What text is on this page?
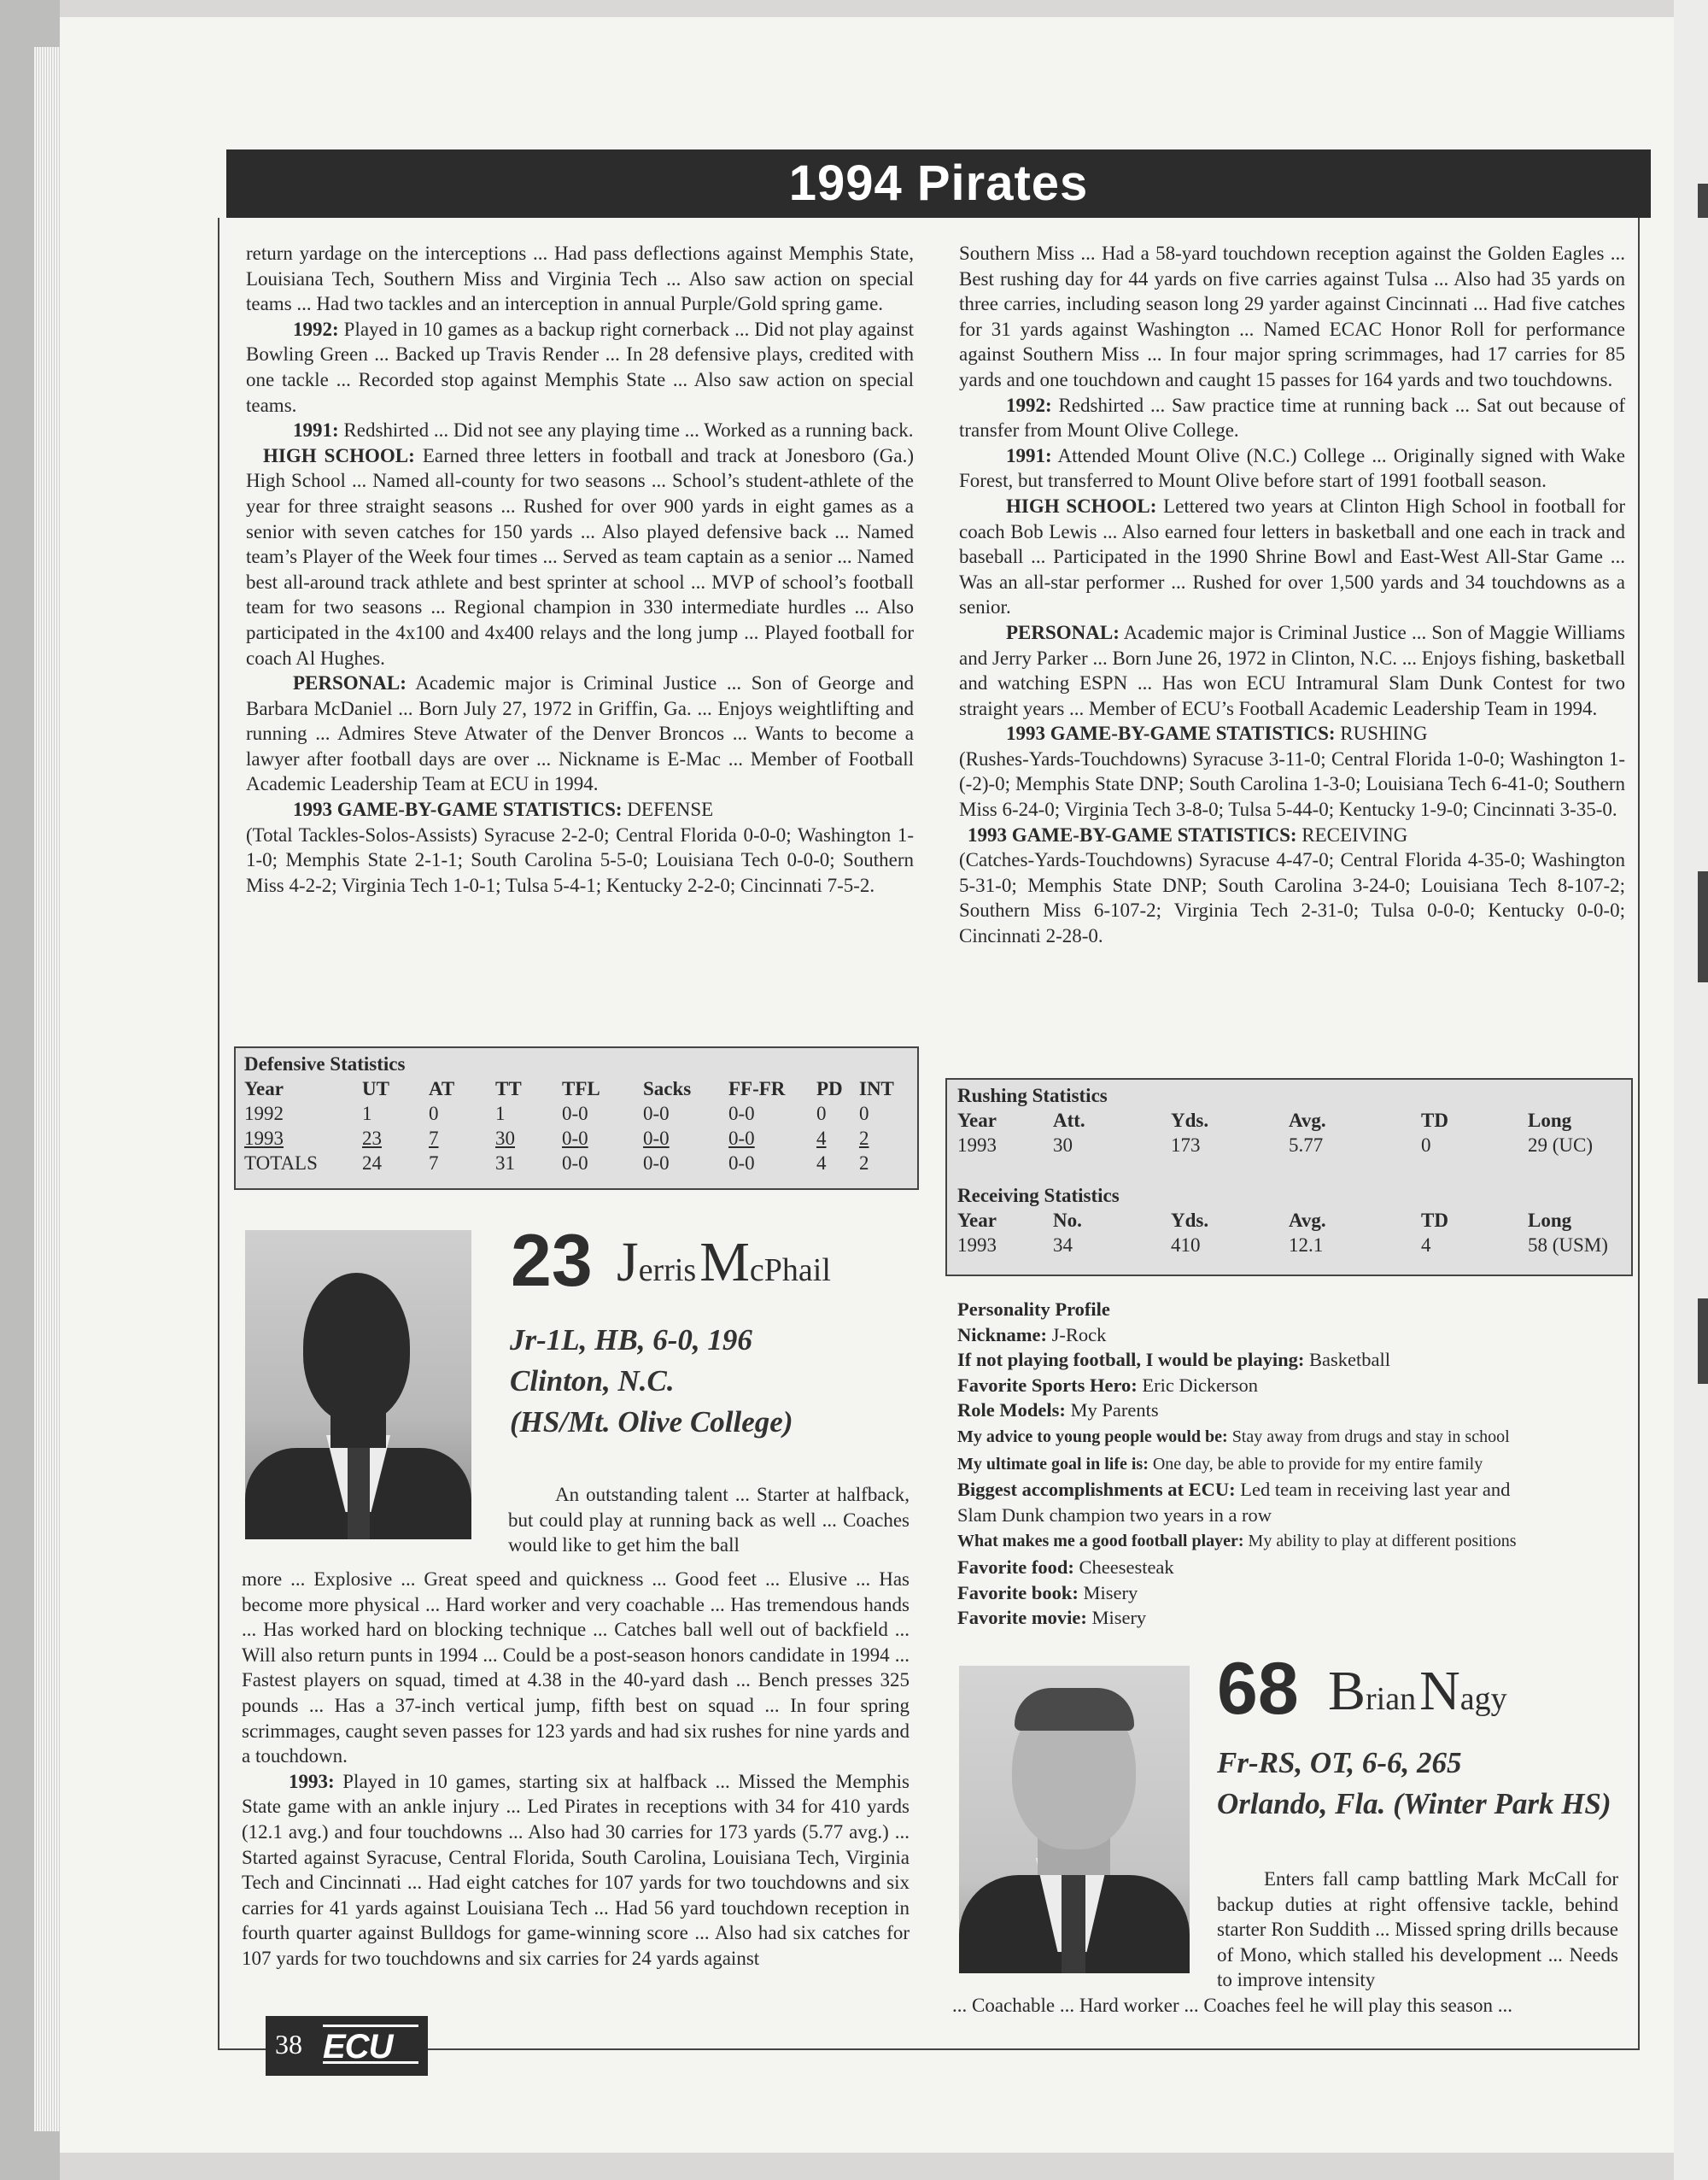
1994 Pirates

return yardage on the interceptions ... Had pass deflections against Memphis State, Louisiana Tech, Southern Miss and Virginia Tech ... Also saw action on special teams ... Had two tackles and an interception in annual Purple/Gold spring game.

1992: Played in 10 games as a backup right cornerback ... Did not play against Bowling Green ... Backed up Travis Render ... In 28 defensive plays, credited with one tackle ... Recorded stop against Memphis State ... Also saw action on special teams.

1991: Redshirted ... Did not see any playing time ... Worked as a running back.

HIGH SCHOOL: Earned three letters in football and track at Jonesboro (Ga.) High School ... Named all-county for two seasons ... School’s student-athlete of the year for three straight seasons ... Rushed for over 900 yards in eight games as a senior with seven catches for 150 yards ... Also played defensive back ... Named team’s Player of the Week four times ... Served as team captain as a senior ... Named best all-around track athlete and best sprinter at school ... MVP of school’s football team for two seasons ... Regional champion in 330 intermediate hurdles ... Also participated in the 4x100 and 4x400 relays and the long jump ... Played football for coach Al Hughes.

PERSONAL: Academic major is Criminal Justice ... Son of George and Barbara McDaniel ... Born July 27, 1972 in Griffin, Ga. ... Enjoys weightlifting and running ... Admires Steve Atwater of the Denver Broncos ... Wants to become a lawyer after football days are over ... Nickname is E-Mac ... Member of Football Academic Leadership Team at ECU in 1994.

1993 GAME-BY-GAME STATISTICS: DEFENSE

(Total Tackles-Solos-Assists) Syracuse 2-2-0; Central Florida 0-0-0; Washington 1-1-0; Memphis State 2-1-1; South Carolina 5-5-0; Louisiana Tech 0-0-0; Southern Miss 4-2-2; Virginia Tech 1-0-1; Tulsa 5-4-1; Kentucky 2-2-0; Cincinnati 7-5-2.

Defensive Statistics
Year	UT	AT	TT	TFL	Sacks	FF-FR	PD	INT
1992	1	0	1	0-0	0-0	0-0	0	0
1993	23	7	30	0-0	0-0	0-0	4	2
TOTALS	24	7	31	0-0	0-0	0-0	4	2
23 Jerris McPhail
Jr-1L, HB, 6-0, 196
Clinton, N.C.
(HS/Mt. Olive College)

An outstanding talent ... Starter at halfback, but could play at running back as well ... Coaches would like to get him the ball

more ... Explosive ... Great speed and quickness ... Good feet ... Elusive ... Has become more physical ... Hard worker and very coachable ... Has tremendous hands ... Has worked hard on blocking technique ... Catches ball well out of backfield ... Will also return punts in 1994 ... Could be a post-season honors candidate in 1994 ... Fastest players on squad, timed at 4.38 in the 40-yard dash ... Bench presses 325 pounds ... Has a 37-inch vertical jump, fifth best on squad ... In four spring scrimmages, caught seven passes for 123 yards and had six rushes for nine yards and a touchdown.

1993: Played in 10 games, starting six at halfback ... Missed the Memphis State game with an ankle injury ... Led Pirates in receptions with 34 for 410 yards (12.1 avg.) and four touchdowns ... Also had 30 carries for 173 yards (5.77 avg.) ... Started against Syracuse, Central Florida, South Carolina, Louisiana Tech, Virginia Tech and Cincinnati ... Had eight catches for 107 yards for two touchdowns and six carries for 41 yards against Louisiana Tech ... Had 56 yard touchdown reception in fourth quarter against Bulldogs for game-winning score ... Also had six catches for 107 yards for two touchdowns and six carries for 24 yards against

Southern Miss ... Had a 58-yard touchdown reception against the Golden Eagles ... Best rushing day for 44 yards on five carries against Tulsa ... Also had 35 yards on three carries, including season long 29 yarder against Cincinnati ... Had five catches for 31 yards against Washington ... Named ECAC Honor Roll for performance against Southern Miss ... In four major spring scrimmages, had 17 carries for 85 yards and one touchdown and caught 15 passes for 164 yards and two touchdowns.

1992: Redshirted ... Saw practice time at running back ... Sat out because of transfer from Mount Olive College.

1991: Attended Mount Olive (N.C.) College ... Originally signed with Wake Forest, but transferred to Mount Olive before start of 1991 football season.

HIGH SCHOOL: Lettered two years at Clinton High School in football for coach Bob Lewis ... Also earned four letters in basketball and one each in track and baseball ... Participated in the 1990 Shrine Bowl and East-West All-Star Game ... Was an all-star performer ... Rushed for over 1,500 yards and 34 touchdowns as a senior.

PERSONAL: Academic major is Criminal Justice ... Son of Maggie Williams and Jerry Parker ... Born June 26, 1972 in Clinton, N.C. ... Enjoys fishing, basketball and watching ESPN ... Has won ECU Intramural Slam Dunk Contest for two straight years ... Member of ECU’s Football Academic Leadership Team in 1994.

1993 GAME-BY-GAME STATISTICS: RUSHING

(Rushes-Yards-Touchdowns) Syracuse 3-11-0; Central Florida 1-0-0; Washington 1-(-2)-0; Memphis State DNP; South Carolina 1-3-0; Louisiana Tech 6-41-0; Southern Miss 6-24-0; Virginia Tech 3-8-0; Tulsa 5-44-0; Kentucky 1-9-0; Cincinnati 3-35-0.

1993 GAME-BY-GAME STATISTICS: RECEIVING

(Catches-Yards-Touchdowns) Syracuse 4-47-0; Central Florida 4-35-0; Washington 5-31-0; Memphis State DNP; South Carolina 3-24-0; Louisiana Tech 8-107-2; Southern Miss 6-107-2; Virginia Tech 2-31-0; Tulsa 0-0-0; Kentucky 0-0-0; Cincinnati 2-28-0.

Rushing Statistics
Year	Att.	Yds.	Avg.	TD	Long
1993	30	173	5.77	0	29 (UC)
Receiving Statistics
Year	No.	Yds.	Avg.	TD	Long
1993	34	410	12.1	4	58 (USM)
Personality Profile
Nickname: J-Rock
If not playing football, I would be playing: Basketball
Favorite Sports Hero: Eric Dickerson
Role Models: My Parents
My advice to young people would be: Stay away from drugs and stay in school
My ultimate goal in life is: One day, be able to provide for my entire family
Biggest accomplishments at ECU: Led team in receiving last year and
Slam Dunk champion two years in a row
What makes me a good football player: My ability to play at different positions
Favorite food: Cheesesteak
Favorite book: Misery
Favorite movie: Misery
68 Brian Nagy
Fr-RS, OT, 6-6, 265
Orlando, Fla. (Winter Park HS)

Enters fall camp battling Mark McCall for backup duties at right offensive tackle, behind starter Ron Suddith ... Missed spring drills because of Mono, which stalled his development ... Needs to improve intensity

... Coachable ... Hard worker ... Coaches feel he will play this season ...

38 ECU
